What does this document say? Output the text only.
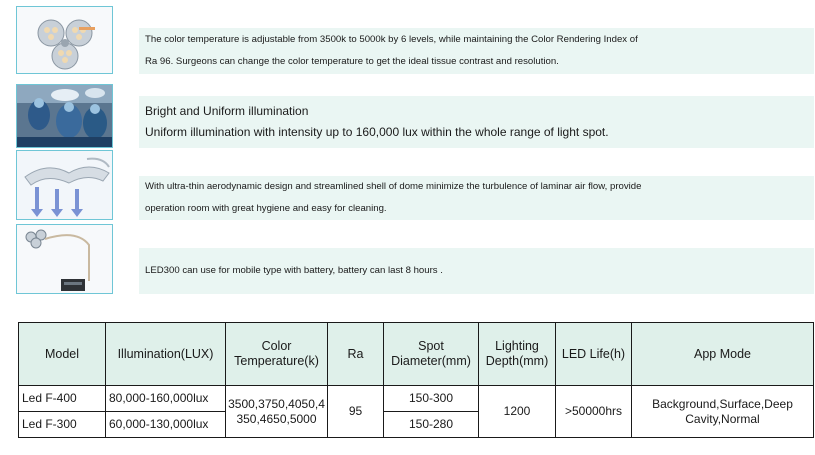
The color temperature is adjustable from 3500k to 5000k by 6 levels, while maintaining the Color Rendering Index of

Ra 96. Surgeons can change the color temperature to get the ideal tissue contrast and resolution.

Bright and Uniform illumination

Uniform illumination with intensity up to 160,000 lux within the whole range of light spot.

With ultra-thin aerodynamic design and streamlined shell of dome minimize the turbulence of laminar air flow, provide

operation room with great hygiene and easy for cleaning.

LED300 can use for mobile type with battery, battery can last 8 hours .

Model	Illumination(LUX)	Color Temperature(k)	Ra	Spot Diameter(mm)	Lighting Depth(mm)	LED Life(h)	App Mode
Led F-400	80,000-160,000lux	3500,3750,4050,4350,4650,5000	95	150-300	1200	>50000hrs	Background,Surface,Deep Cavity,Normal
Led F-300	60,000-130,000lux			150-280			
